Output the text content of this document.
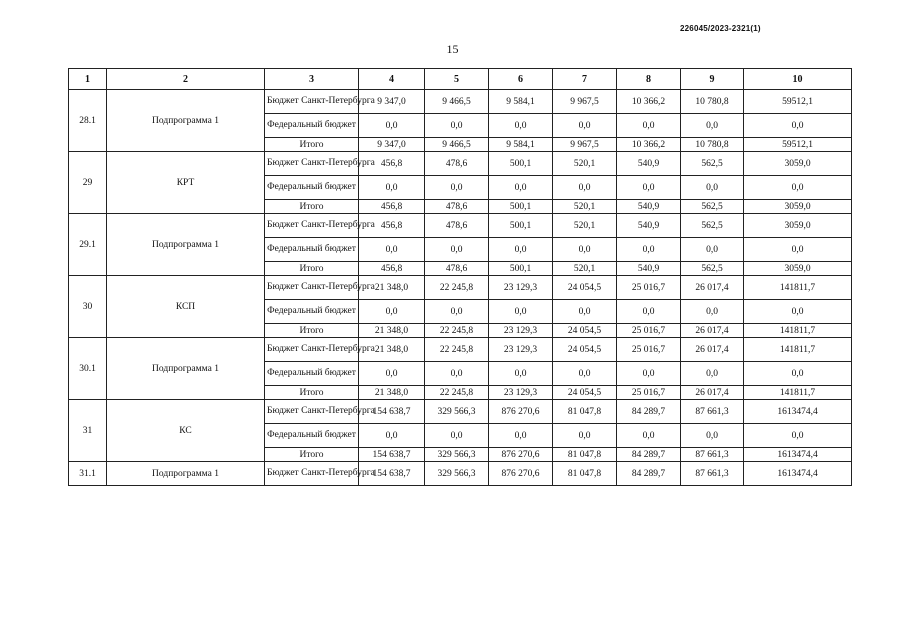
226045/2023-2321(1)
15
1	2	3	4	5	6	7	8	9	10
28.1	Подпрограмма 1	Бюджет Санкт-Петербурга	9 347,0	9 466,5	9 584,1	9 967,5	10 366,2	10 780,8	59512,1
		Федеральный бюджет	0,0	0,0	0,0	0,0	0,0	0,0	0,0
		Итого	9 347,0	9 466,5	9 584,1	9 967,5	10 366,2	10 780,8	59512,1
29	КРТ	Бюджет Санкт-Петербурга	456,8	478,6	500,1	520,1	540,9	562,5	3059,0
		Федеральный бюджет	0,0	0,0	0,0	0,0	0,0	0,0	0,0
		Итого	456,8	478,6	500,1	520,1	540,9	562,5	3059,0
29.1	Подпрограмма 1	Бюджет Санкт-Петербурга	456,8	478,6	500,1	520,1	540,9	562,5	3059,0
		Федеральный бюджет	0,0	0,0	0,0	0,0	0,0	0,0	0,0
		Итого	456,8	478,6	500,1	520,1	540,9	562,5	3059,0
30	КСП	Бюджет Санкт-Петербурга	21 348,0	22 245,8	23 129,3	24 054,5	25 016,7	26 017,4	141811,7
		Федеральный бюджет	0,0	0,0	0,0	0,0	0,0	0,0	0,0
		Итого	21 348,0	22 245,8	23 129,3	24 054,5	25 016,7	26 017,4	141811,7
30.1	Подпрограмма 1	Бюджет Санкт-Петербурга	21 348,0	22 245,8	23 129,3	24 054,5	25 016,7	26 017,4	141811,7
		Федеральный бюджет	0,0	0,0	0,0	0,0	0,0	0,0	0,0
		Итого	21 348,0	22 245,8	23 129,3	24 054,5	25 016,7	26 017,4	141811,7
31	КС	Бюджет Санкт-Петербурга	154 638,7	329 566,3	876 270,6	81 047,8	84 289,7	87 661,3	1613474,4
		Федеральный бюджет	0,0	0,0	0,0	0,0	0,0	0,0	0,0
		Итого	154 638,7	329 566,3	876 270,6	81 047,8	84 289,7	87 661,3	1613474,4
31.1	Подпрограмма 1	Бюджет Санкт-Петербурга	154 638,7	329 566,3	876 270,6	81 047,8	84 289,7	87 661,3	1613474,4
